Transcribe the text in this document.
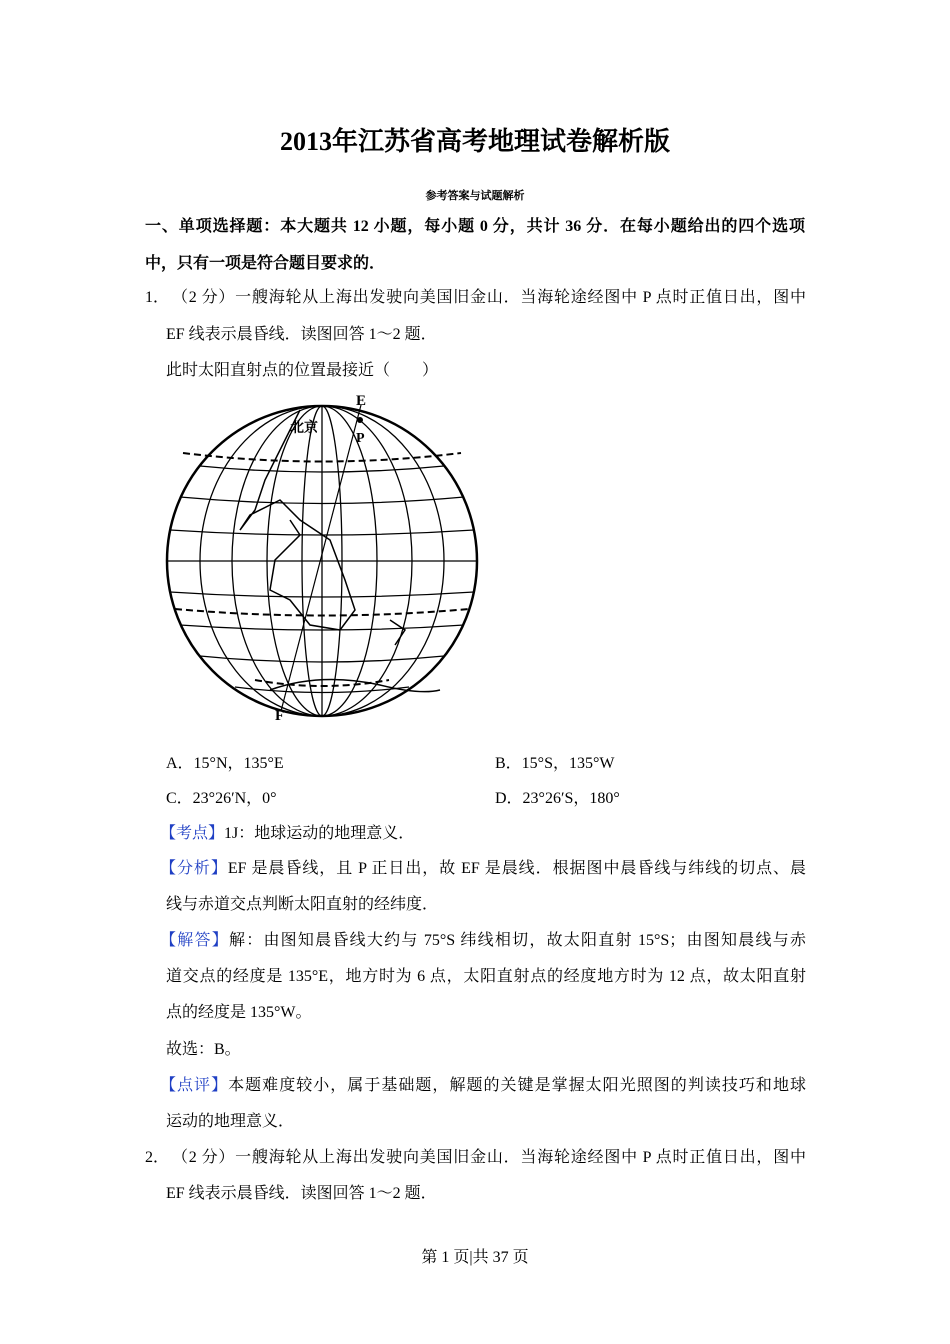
2013年江苏省高考地理试卷解析版
参考答案与试题解析
一、单项选择题：本大题共 12 小题，每小题 0 分，共计 36 分．在每小题给出的四个选项
中，只有一项是符合题目要求的．
1． （2 分）一艘海轮从上海出发驶向美国旧金山．当海轮途经图中 P 点时正值日出，图中
EF 线表示晨昏线．读图回答 1～2 题．
此时太阳直射点的位置最接近（　　）
E
P
北京
F
A．15°N，135°E	B．15°S，135°W
C．23°26′N，0°	D．23°26′S，180°
【考点】1J：地球运动的地理意义．
【分析】EF 是晨昏线，且 P 正日出，故 EF 是晨线．根据图中晨昏线与纬线的切点、晨
线与赤道交点判断太阳直射的经纬度．
【解答】解：由图知晨昏线大约与 75°S 纬线相切，故太阳直射 15°S；由图知晨线与赤
道交点的经度是 135°E，地方时为 6 点，太阳直射点的经度地方时为 12 点，故太阳直射
点的经度是 135°W。
故选：B。
【点评】本题难度较小，属于基础题，解题的关键是掌握太阳光照图的判读技巧和地球
运动的地理意义．
2． （2 分）一艘海轮从上海出发驶向美国旧金山．当海轮途经图中 P 点时正值日出，图中
EF 线表示晨昏线．读图回答 1～2 题．
第 1 页|共 37 页
